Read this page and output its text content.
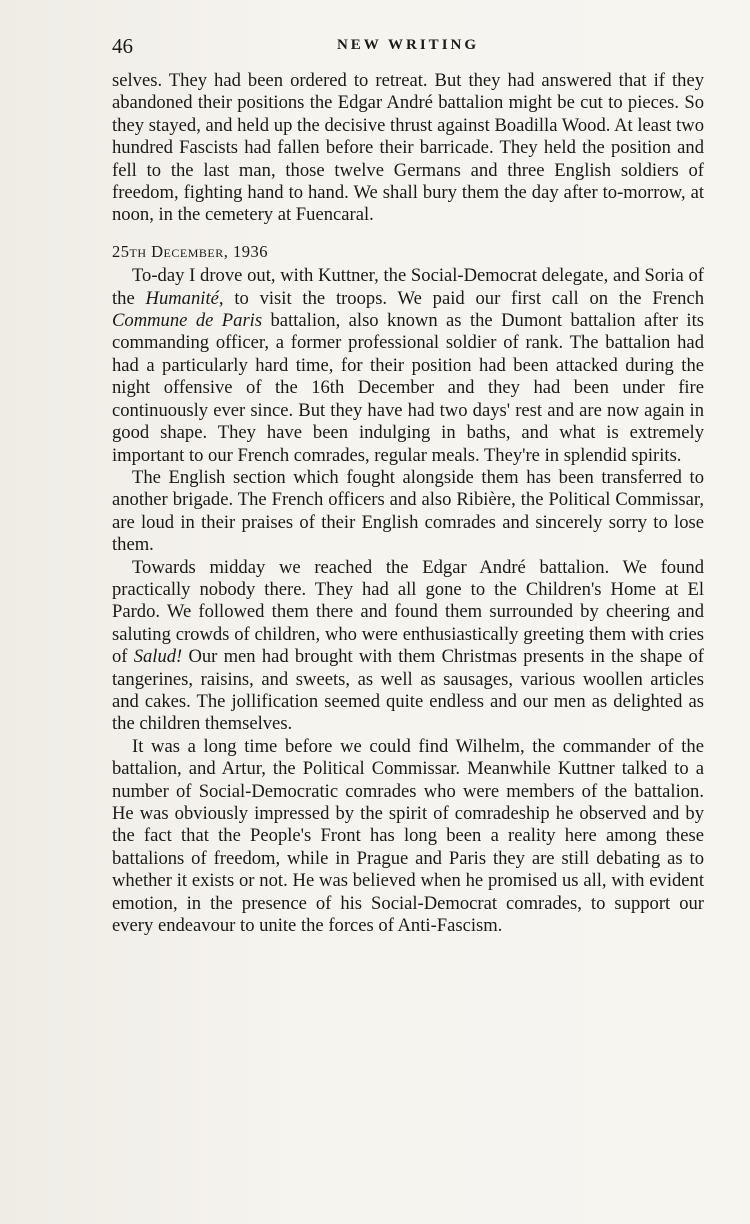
46	NEW WRITING

selves. They had been ordered to retreat. But they had answered that if they abandoned their positions the Edgar André battalion might be cut to pieces. So they stayed, and held up the decisive thrust against Boadilla Wood. At least two hundred Fascists had fallen before their barricade. They held the position and fell to the last man, those twelve Germans and three English soldiers of freedom, fighting hand to hand. We shall bury them the day after to-morrow, at noon, in the cemetery at Fuencaral.

25th December, 1936

To-day I drove out, with Kuttner, the Social-Democrat delegate, and Soria of the Humanité, to visit the troops. We paid our first call on the French Commune de Paris battalion, also known as the Dumont battalion after its commanding officer, a former professional soldier of rank. The battalion had had a particularly hard time, for their position had been attacked during the night offensive of the 16th December and they had been under fire continuously ever since. But they have had two days' rest and are now again in good shape. They have been indulging in baths, and what is extremely important to our French comrades, regular meals. They're in splendid spirits.

The English section which fought alongside them has been transferred to another brigade. The French officers and also Ribière, the Political Commissar, are loud in their praises of their English comrades and sincerely sorry to lose them.

Towards midday we reached the Edgar André battalion. We found practically nobody there. They had all gone to the Children's Home at El Pardo. We followed them there and found them surrounded by cheering and saluting crowds of children, who were enthusiastically greeting them with cries of Salud! Our men had brought with them Christmas presents in the shape of tangerines, raisins, and sweets, as well as sausages, various woollen articles and cakes. The jollification seemed quite endless and our men as delighted as the children themselves.

It was a long time before we could find Wilhelm, the commander of the battalion, and Artur, the Political Commissar. Meanwhile Kuttner talked to a number of Social-Democratic comrades who were members of the battalion. He was obviously impressed by the spirit of comradeship he observed and by the fact that the People's Front has long been a reality here among these battalions of freedom, while in Prague and Paris they are still debating as to whether it exists or not. He was believed when he promised us all, with evident emotion, in the presence of his Social-Democrat comrades, to support our every endeavour to unite the forces of Anti-Fascism.
